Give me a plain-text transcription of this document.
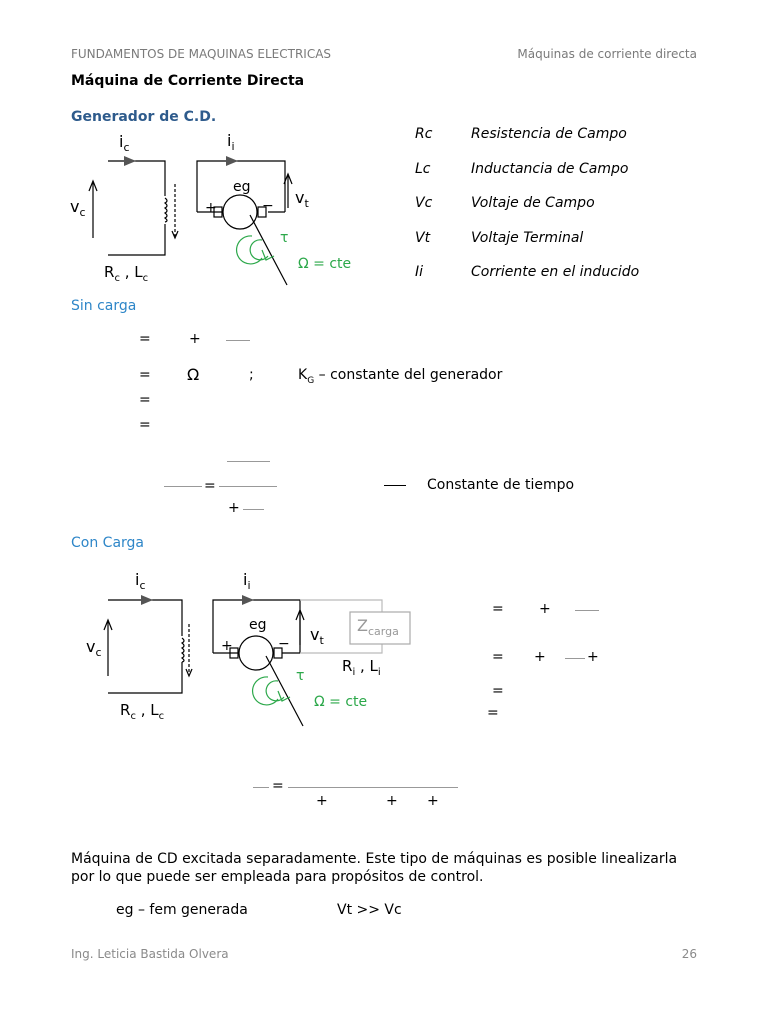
FUNDAMENTOS DE MAQUINAS ELECTRICAS	Máquinas de corriente directa
Máquina de Corriente Directa
Generador de C.D.
Rc	Resistencia de Campo
Lc	Inductancia de Campo
Vc	Voltaje de Campo
Vt	Voltaje Terminal
Ii	Corriente en el inducido
$i_c$	$i_i$
$v_c$
$v_t$
eg
+	−
τ
Ω = cte
$R_c$ , $L_c$
Sin carga
=	+
= Ω	;	$K_G$ – constante del generador
=
=
=
+
Constante de tiempo
Con Carga
$i_c$	$i_i$
$v_c$
$v_t$
eg
+	−
τ
Ω = cte
$Z_{carga}$
$R_i$ , $L_i$
$R_c$ , $L_c$
=	+
= +	+
=
=
=
+	+ +
Máquina de CD excitada separadamente. Este tipo de máquinas es posible linealizarla por lo que puede ser empleada para propósitos de control.
eg – fem generada	Vt >> Vc
Ing. Leticia Bastida Olvera	26
